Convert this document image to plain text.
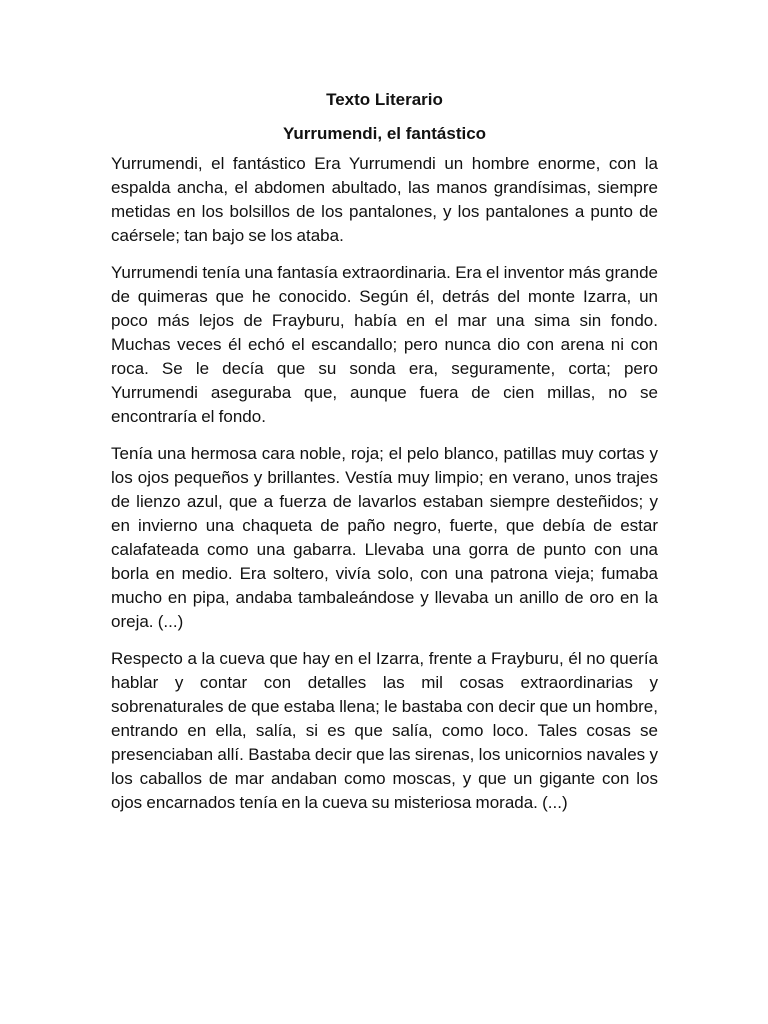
Texto Literario
Yurrumendi, el fantástico

Yurrumendi, el fantástico Era Yurrumendi un hombre enorme, con la espalda ancha, el abdomen abultado, las manos grandísimas, siempre metidas en los bolsillos de los pantalones, y los pantalones a punto de caérsele; tan bajo se los ataba.

Yurrumendi tenía una fantasía extraordinaria. Era el inventor más grande de quimeras que he conocido. Según él, detrás del monte Izarra, un poco más lejos de Frayburu, había en el mar una sima sin fondo. Muchas veces él echó el escandallo; pero nunca dio con arena ni con roca. Se le decía que su sonda era, seguramente, corta; pero Yurrumendi aseguraba que, aunque fuera de cien millas, no se encontraría el fondo.

Tenía una hermosa cara noble, roja; el pelo blanco, patillas muy cortas y los ojos pequeños y brillantes. Vestía muy limpio; en verano, unos trajes de lienzo azul, que a fuerza de lavarlos estaban siempre desteñidos; y en invierno una chaqueta de paño negro, fuerte, que debía de estar calafateada como una gabarra. Llevaba una gorra de punto con una borla en medio. Era soltero, vivía solo, con una patrona vieja; fumaba mucho en pipa, andaba tambaleándose y llevaba un anillo de oro en la oreja. (...)

Respecto a la cueva que hay en el Izarra, frente a Frayburu, él no quería hablar y contar con detalles las mil cosas extraordinarias y sobrenaturales de que estaba llena; le bastaba con decir que un hombre, entrando en ella, salía, si es que salía, como loco. Tales cosas se presenciaban allí. Bastaba decir que las sirenas, los unicornios navales y los caballos de mar andaban como moscas, y que un gigante con los ojos encarnados tenía en la cueva su misteriosa morada. (...)
